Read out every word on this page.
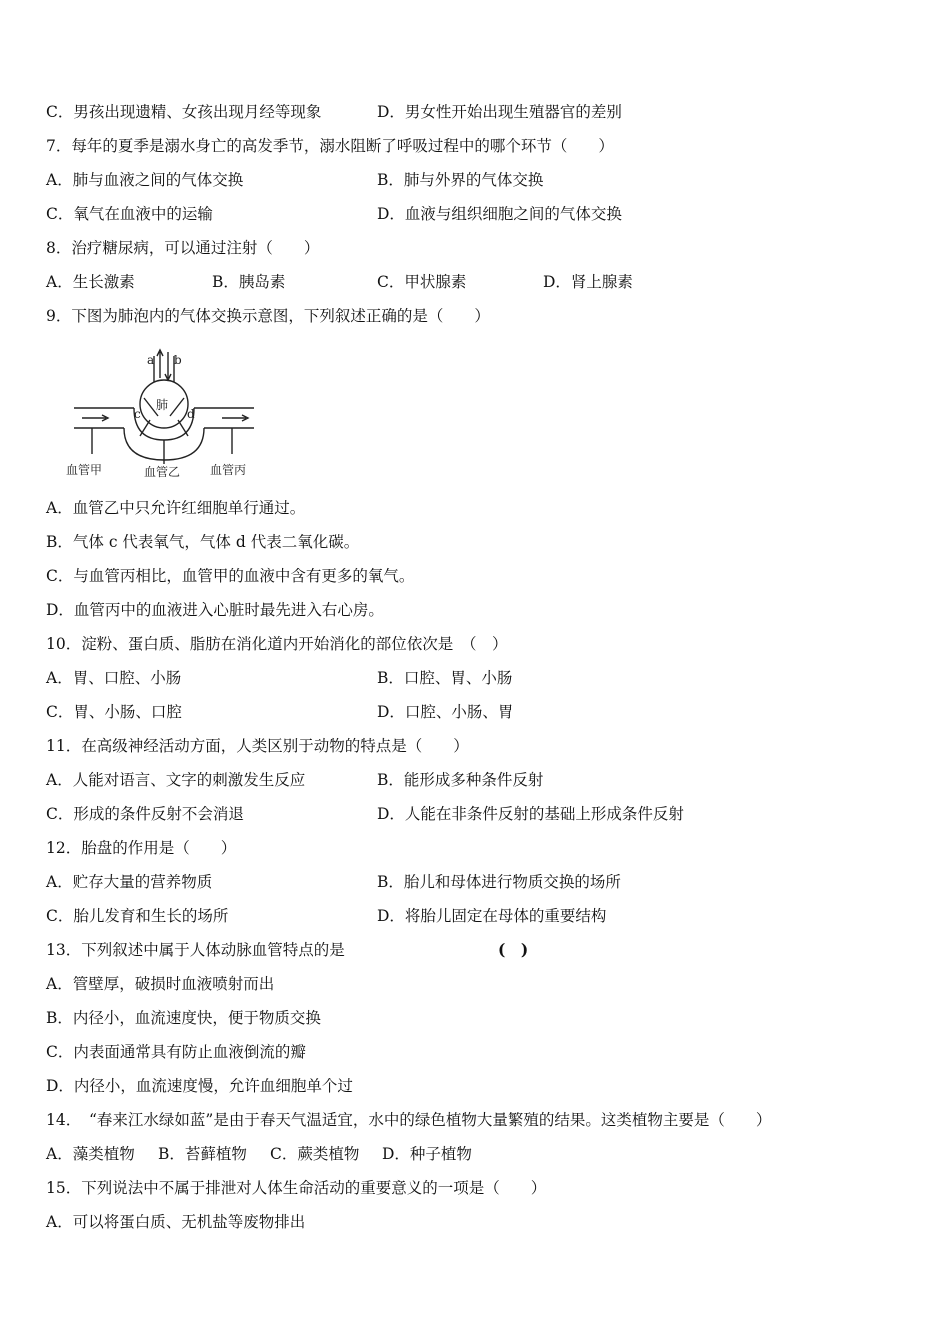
C．男孩出现遗精、女孩出现月经等现象	D．男女性开始出现生殖器官的差别
7．每年的夏季是溺水身亡的高发季节，溺水阻断了呼吸过程中的哪个环节（　　）
A．肺与血液之间的气体交换	B．肺与外界的气体交换
C．氧气在血液中的运输	D．血液与组织细胞之间的气体交换
8．治疗糖尿病，可以通过注射（　　）
A．生长激素	B．胰岛素	C．甲状腺素	D．肾上腺素
9．下图为肺泡内的气体交换示意图，下列叙述正确的是（　　）
a b
c	d
肺
血管甲	血管乙 血管丙
A．血管乙中只允许红细胞单行通过。
B．气体 c 代表氧气，气体 d 代表二氧化碳。
C．与血管丙相比，血管甲的血液中含有更多的氧气。
D．血管丙中的血液进入心脏时最先进入右心房。
10．淀粉、蛋白质、脂肪在消化道内开始消化的部位依次是　（　）
A．胃、口腔、小肠	B．口腔、胃、小肠
C．胃、小肠、口腔	D．口腔、小肠、胃
11．在高级神经活动方面，人类区别于动物的特点是（　　）
A．人能对语言、文字的刺激发生反应	B．能形成多种条件反射
C．形成的条件反射不会消退	D．人能在非条件反射的基础上形成条件反射
12．胎盘的作用是（　　）
A．贮存大量的营养物质	B．胎儿和母体进行物质交换的场所
C．胎儿发育和生长的场所	D．将胎儿固定在母体的重要结构
13．下列叙述中属于人体动脉血管特点的是	(　)
A．管壁厚，破损时血液喷射而出
B．内径小，血流速度快，便于物质交换
C．内表面通常具有防止血液倒流的瓣
D．内径小，血流速度慢，允许血细胞单个过
14．　“春来江水绿如蓝”是由于春天气温适宜，水中的绿色植物大量繁殖的结果。这类植物主要是（　　）
A．藻类植物 B．苔藓植物 C．蕨类植物 D．种子植物
15．下列说法中不属于排泄对人体生命活动的重要意义的一项是（　　）
A．可以将蛋白质、无机盐等废物排出
